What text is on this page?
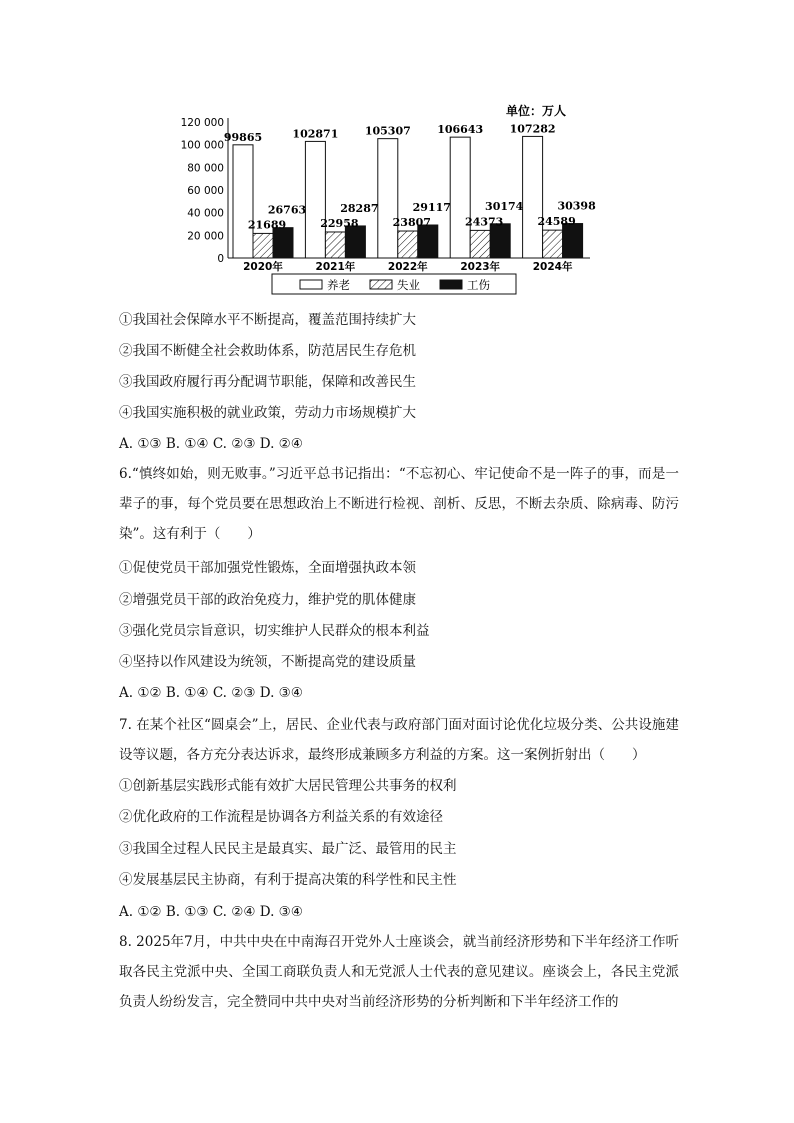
单位：万人
120 000
100 000
80 000
60 000
40 000
20 000
0
99865
21689
26763
102871
22958
28287
105307
23807
29117
106643
24373
30174
107282
24589
30398
2020年	2021年	2022年	2023年	2024年
养老	失业	工伤
①我国社会保障水平不断提高，覆盖范围持续扩大
②我国不断健全社会救助体系，防范居民生存危机
③我国政府履行再分配调节职能，保障和改善民生
④我国实施积极的就业政策，劳动力市场规模扩大
A. ①③ B. ①④ C. ②③ D. ②④
6.“慎终如始，则无败事。”习近平总书记指出：“不忘初心、牢记使命不是一阵子的事，而是一辈子的事，每个党员要在思想政治上不断进行检视、剖析、反思，不断去杂质、除病毒、防污染”。这有利于（　　）
①促使党员干部加强党性锻炼，全面增强执政本领
②增强党员干部的政治免疫力，维护党的肌体健康
③强化党员宗旨意识，切实维护人民群众的根本利益
④坚持以作风建设为统领，不断提高党的建设质量
A. ①② B. ①④ C. ②③ D. ③④
7. 在某个社区“圆桌会”上，居民、企业代表与政府部门面对面讨论优化垃圾分类、公共设施建设等议题，各方充分表达诉求，最终形成兼顾多方利益的方案。这一案例折射出（　　）
①创新基层实践形式能有效扩大居民管理公共事务的权利
②优化政府的工作流程是协调各方利益关系的有效途径
③我国全过程人民民主是最真实、最广泛、最管用的民主
④发展基层民主协商，有利于提高决策的科学性和民主性
A. ①② B. ①③ C. ②④ D. ③④
8. 2025年7月，中共中央在中南海召开党外人士座谈会，就当前经济形势和下半年经济工作听取各民主党派中央、全国工商联负责人和无党派人士代表的意见建议。座谈会上，各民主党派负责人纷纷发言，完全赞同中共中央对当前经济形势的分析判断和下半年经济工作的
